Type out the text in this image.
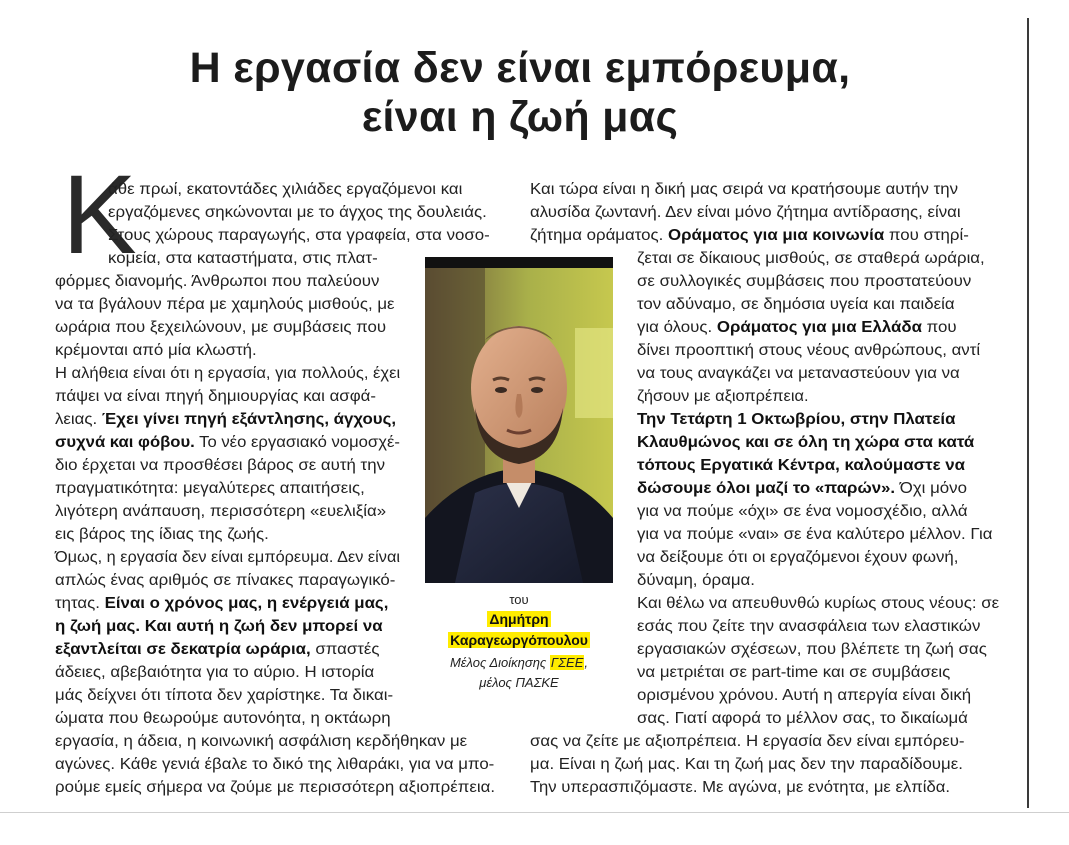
Η εργασία δεν είναι εμπόρευμα,
είναι η ζωή μας
Κ
άθε πρωί, εκατοντάδες χιλιάδες εργαζόμενοι και
εργαζόμενες σηκώνονται με το άγχος της δουλειάς.
Στους χώρους παραγωγής, στα γραφεία, στα νοσο-
κομεία, στα καταστήματα, στις πλατ-
φόρμες διανομής. Άνθρωποι που παλεύουν
να τα βγάλουν πέρα με χαμηλούς μισθούς, με
ωράρια που ξεχειλώνουν, με συμβάσεις που
κρέμονται από μία κλωστή.
Η αλήθεια είναι ότι η εργασία, για πολλούς, έχει
πάψει να είναι πηγή δημιουργίας και ασφά-
λειας. Έχει γίνει πηγή εξάντλησης, άγχους,
συχνά και φόβου. Το νέο εργασιακό νομοσχέ-
διο έρχεται να προσθέσει βάρος σε αυτή την
πραγματικότητα: μεγαλύτερες απαιτήσεις,
λιγότερη ανάπαυση, περισσότερη «ευελιξία»
εις βάρος της ίδιας της ζωής.
Όμως, η εργασία δεν είναι εμπόρευμα. Δεν είναι
απλώς ένας αριθμός σε πίνακες παραγωγικό-
τητας. Είναι ο χρόνος μας, η ενέργειά μας,
η ζωή μας. Και αυτή η ζωή δεν μπορεί να
εξαντλείται σε δεκατρία ωράρια, σπαστές
άδειες, αβεβαιότητα για το αύριο. Η ιστορία
μάς δείχνει ότι τίποτα δεν χαρίστηκε. Τα δικαι-
ώματα που θεωρούμε αυτονόητα, η οκτάωρη
εργασία, η άδεια, η κοινωνική ασφάλιση κερδήθηκαν με
αγώνες. Κάθε γενιά έβαλε το δικό της λιθαράκι, για να μπο-
ρούμε εμείς σήμερα να ζούμε με περισσότερη αξιοπρέπεια.
Και τώρα είναι η δική μας σειρά να κρατήσουμε αυτήν την
αλυσίδα ζωντανή. Δεν είναι μόνο ζήτημα αντίδρασης, είναι
ζήτημα οράματος. Οράματος για μια κοινωνία που στηρί-
ζεται σε δίκαιους μισθούς, σε σταθερά ωράρια,
σε συλλογικές συμβάσεις που προστατεύουν
τον αδύναμο, σε δημόσια υγεία και παιδεία
για όλους. Οράματος για μια Ελλάδα που
δίνει προοπτική στους νέους ανθρώπους, αντί
να τους αναγκάζει να μεταναστεύουν για να
ζήσουν με αξιοπρέπεια.
Την Τετάρτη 1 Οκτωβρίου, στην Πλατεία
Κλαυθμώνος και σε όλη τη χώρα στα κατά
τόπους Εργατικά Κέντρα, καλούμαστε να
δώσουμε όλοι μαζί το «παρών». Όχι μόνο
για να πούμε «όχι» σε ένα νομοσχέδιο, αλλά
για να πούμε «ναι» σε ένα καλύτερο μέλλον. Για
να δείξουμε ότι οι εργαζόμενοι έχουν φωνή,
δύναμη, όραμα.
Και θέλω να απευθυνθώ κυρίως στους νέους: σε
εσάς που ζείτε την ανασφάλεια των ελαστικών
εργασιακών σχέσεων, που βλέπετε τη ζωή σας
να μετριέται σε part-time και σε συμβάσεις
ορισμένου χρόνου. Αυτή η απεργία είναι δική
σας. Γιατί αφορά το μέλλον σας, το δικαίωμά
σας να ζείτε με αξιοπρέπεια. Η εργασία δεν είναι εμπόρευ-
μα. Είναι η ζωή μας. Και τη ζωή μας δεν την παραδίδουμε.
Την υπερασπιζόμαστε. Με αγώνα, με ενότητα, με ελπίδα.
του
Δημήτρη
Καραγεωργόπουλου
Μέλος Διοίκησης ΓΣΕΕ,
μέλος ΠΑΣΚΕ
